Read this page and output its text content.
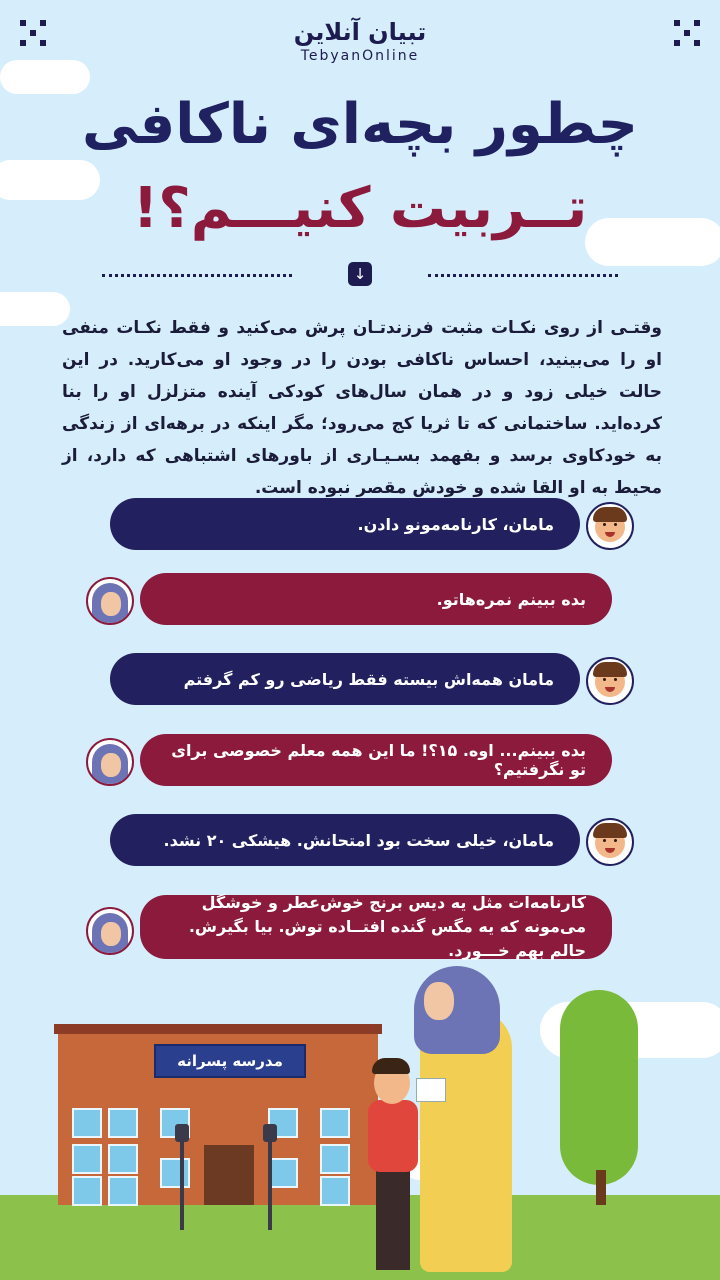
تبیان آنلاین
TebyanOnline
چطور بچه‌ای ناکافی
تــربیت کنیـــم؟!
↓
وقتـی از روی نکـات مثبت فرزندتـان پرش می‌کنید و فقط نکـات منفی او را می‌بینید، احساس ناکافی بودن را در وجود او می‌کارید. در این حالت خیلی زود و در همان سال‌های کودکی آینده متزلزل او را بنا کرده‌اید. ساختمانی که تا ثریا کج می‌رود؛ مگر اینکه در برهه‌ای از زندگی به خودکاوی برسد و بفهمد بسـیـاری از باورهای اشتباهی که دارد، از محیط به او القا شده و خودش مقصر نبوده است.
مامان، کارنامه‌مونو دادن.
بده ببینم نمره‌هاتو.
مامان همه‌اش بیسته فقط ریاضی رو کم گرفتم
بده ببینم... اوه. ۱۵؟! ما این همه معلم خصوصی برای تو نگرفتیم؟
مامان، خیلی سخت بود امتحانش. هیشکی ۲۰ نشد.
کارنامه‌ات مثل یه دیس برنج خوش‌عطر و خوشگل می‌مونه که یه مگس گنده افتــاده توش. بیا بگیرش. حالم بهم خـــورد.
مدرسه پسرانه
